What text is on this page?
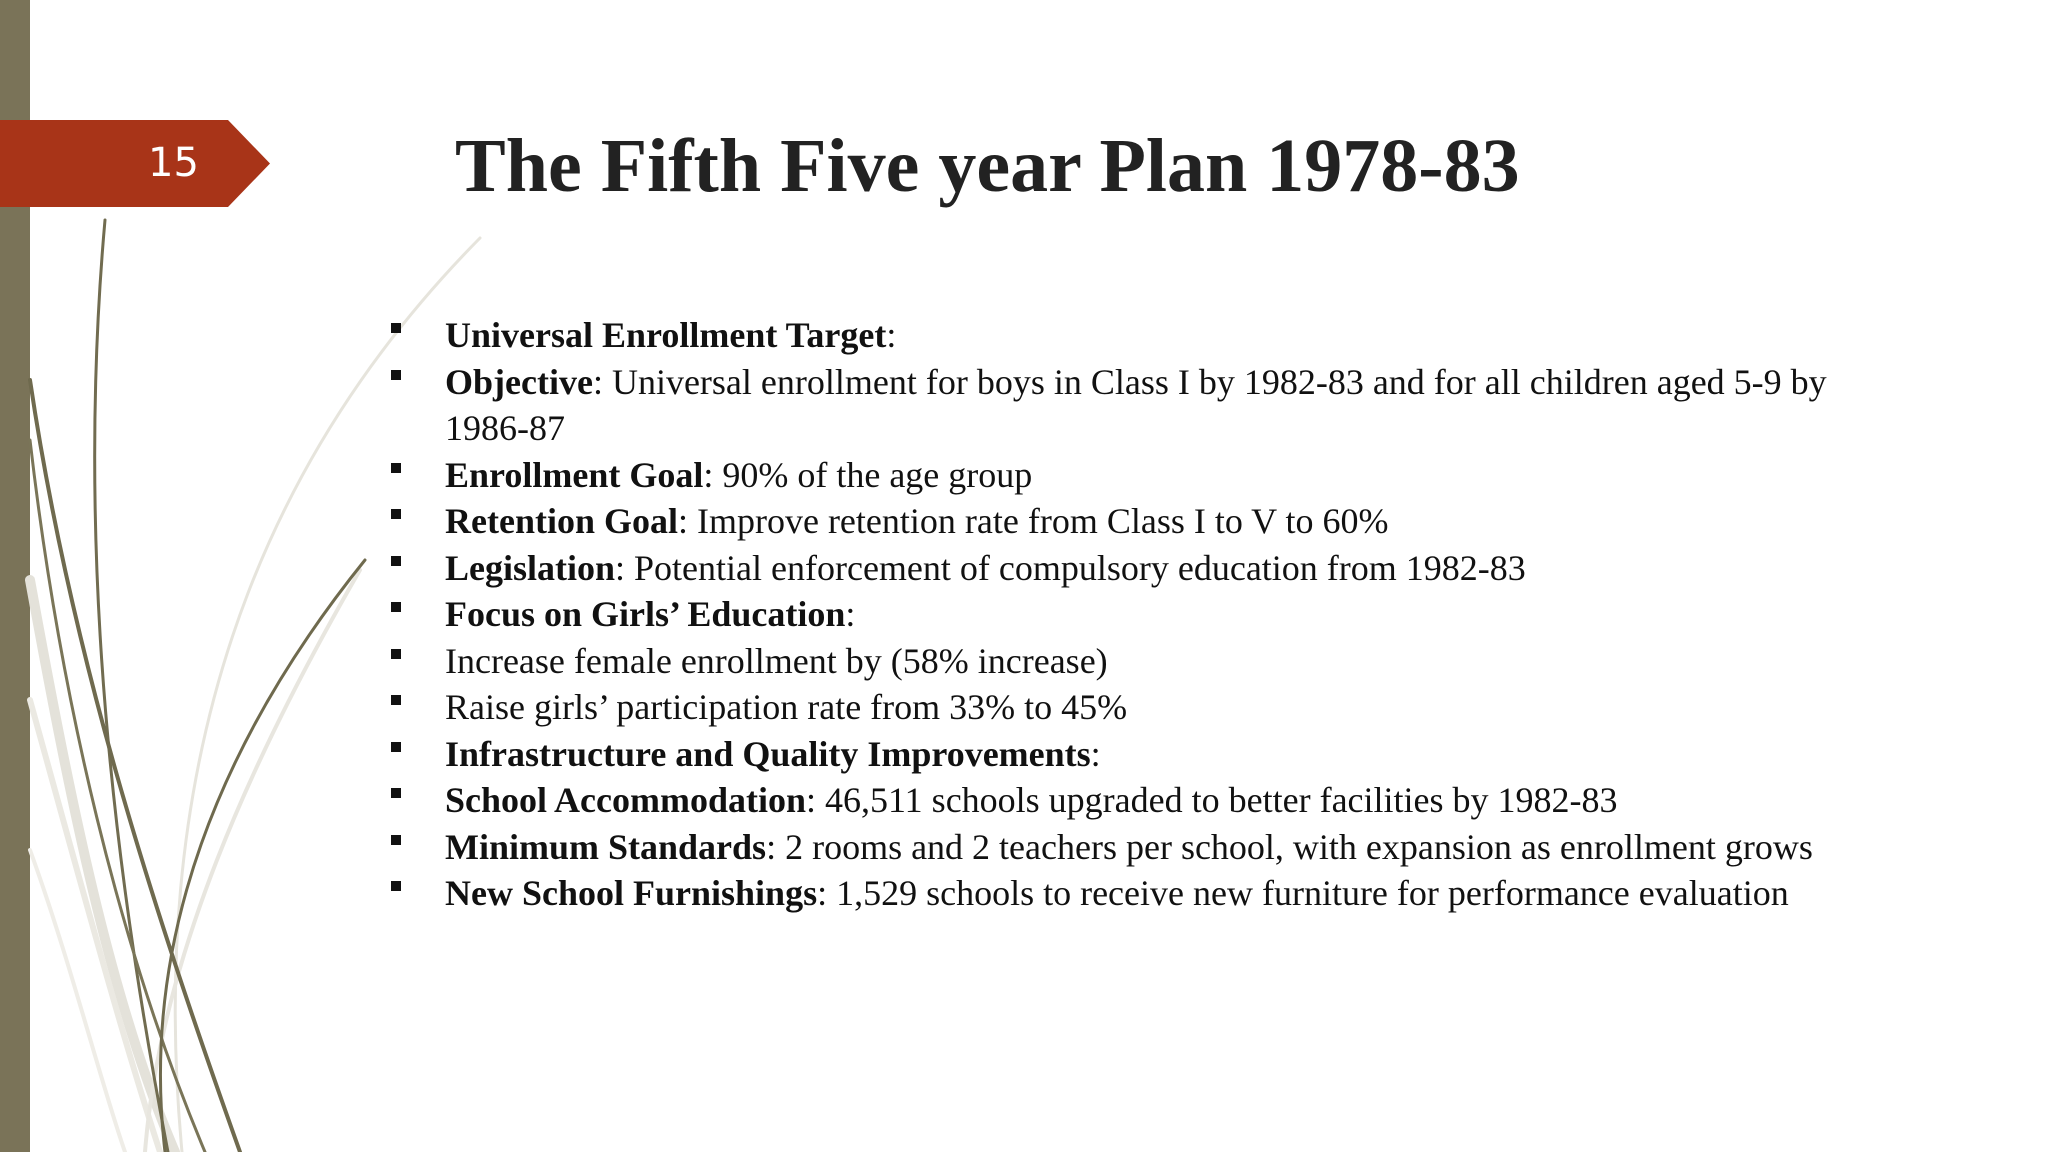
15	The Fifth Five year Plan 1978-83
Universal Enrollment Target:
Objective: Universal enrollment for boys in Class I by 1982-83 and for all children aged 5-9 by 1986-87
Enrollment Goal: 90% of the age group
Retention Goal: Improve retention rate from Class I to V to 60%
Legislation: Potential enforcement of compulsory education from 1982-83
Focus on Girls’ Education:
Increase female enrollment by (58% increase)
Raise girls’ participation rate from 33% to 45%
Infrastructure and Quality Improvements:
School Accommodation: 46,511 schools upgraded to better facilities by 1982-83
Minimum Standards: 2 rooms and 2 teachers per school, with expansion as enrollment grows
New School Furnishings: 1,529 schools to receive new furniture for performance evaluation
